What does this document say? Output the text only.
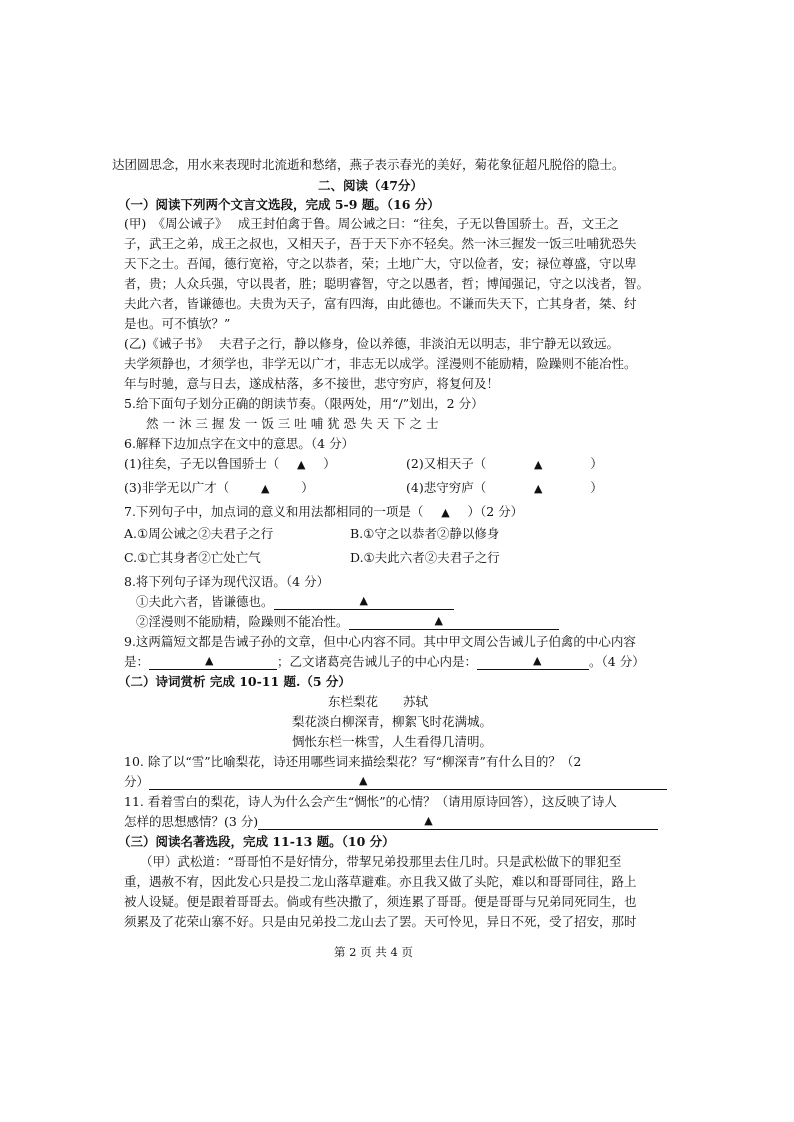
达团圆思念，用水来表现时北流逝和愁绪，燕子表示春光的美好，菊花象征超凡脱俗的隐士。
二、阅读（47分）
（一）阅读下列两个文言文选段，完成 5-9 题。（16 分）
(甲)　《周公诫子》　 成王封伯禽于鲁。周公诫之曰：“往矣，子无以鲁国骄士。吾，文王之
子，武王之弟，成王之叔也，又相天子，吾于天下亦不轻矣。然一沐三握发一饭三吐哺犹恐失
天下之士。吾闻，德行宽裕，守之以恭者，荣；土地广大，守以俭者，安；禄位尊盛，守以卑
者，贵；人众兵强，守以畏者，胜；聪明睿智，守之以愚者，哲；博闻强记，守之以浅者，智。
夫此六者，皆谦德也。夫贵为天子，富有四海，由此德也。不谦而失天下，亡其身者，桀、纣
是也。可不慎欤？”
(乙)《诫子书》　 夫君子之行，静以修身，俭以养德，非淡泊无以明志，非宁静无以致远。
夫学须静也，才须学也，非学无以广才，非志无以成学。淫漫则不能励精，险躁则不能冶性。
年与时驰，意与日去，遂成枯落，多不接世，悲守穷庐，将复何及！
5.给下面句子划分正确的朗读节奏。（限两处，用“/”划出，2 分）
然 一 沐 三 握 发 一 饭 三 吐 哺 犹 恐 失 天 下 之 士
6.解释下边加点字在文中的意思。（4 分）
(1)往矣，子无以鲁国骄士（ ▲ ）	(2)又相天子（	▲	）
(3)非学无以广才（	▲	）	(4)悲守穷庐（	▲	）
7.下列句子中，加点词的意义和用法都相同的一项是（ ▲ ）（2 分）
A.①周公诫之②夫君子之行	B.①守之以恭者②静以修身
C.①亡其身者②亡处亡气	D.①夫此六者②夫君子之行
8.将下列句子译为现代汉语。（4 分）
①夫此六者，皆谦德也。	▲
②淫漫则不能励精，险躁则不能冶性。	▲
9.这两篇短文都是告诫子孙的文章，但中心内容不同。其中甲文周公告诫儿子伯禽的中心内容
是：	▲	；乙文诸葛亮告诫儿子的中心内是：	▲	。（4 分）
（二）诗词赏析 完成 10-11 题.（5 分）
东栏梨花　　苏轼
梨花淡白柳深青，柳絮飞时花满城。
惆怅东栏一株雪，人生看得几清明。
10. 除了以“雪”比喻梨花，诗还用哪些词来描绘梨花？写“柳深青”有什么目的？（2
分）	▲
11. 看着雪白的梨花，诗人为什么会产生“惆怅”的心情？（请用原诗回答），这反映了诗人
怎样的思想感情？(3 分)	▲
（三）阅读名著选段，完成 11-13 题。（10 分）
（甲）武松道：“哥哥怕不是好情分，带挈兄弟投那里去住几时。只是武松做下的罪犯至
重，遇赦不宥，因此发心只是投二龙山落草避难。亦且我又做了头陀，难以和哥哥同往，路上
被人设疑。便是跟着哥哥去。倘或有些决撒了，须连累了哥哥。便是哥哥与兄弟同死同生，也
须累及了花荣山寨不好。只是由兄弟投二龙山去了罢。天可怜见，异日不死，受了招安，那时
第 2 页 共 4 页
